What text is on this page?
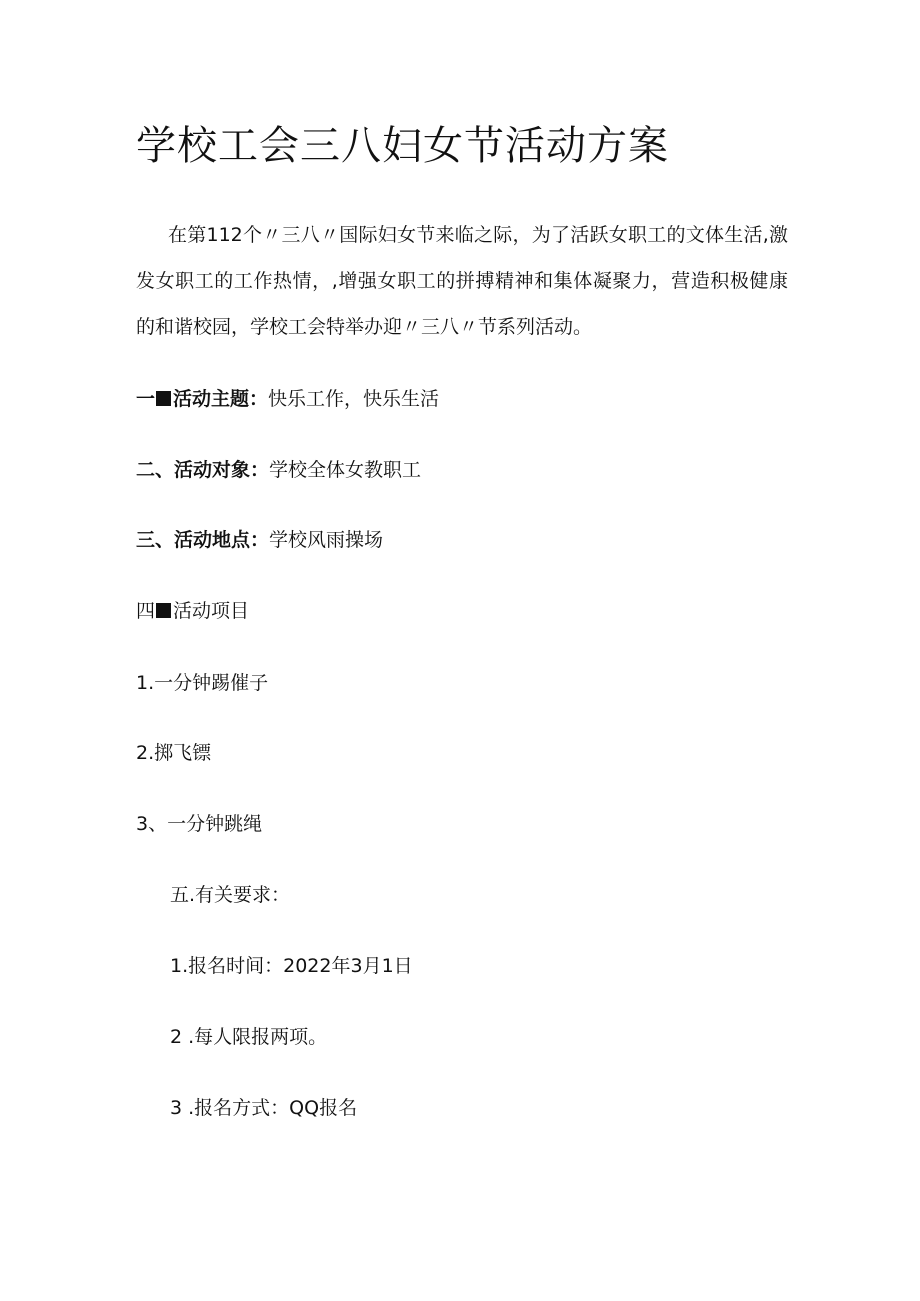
学校工会三八妇女节活动方案

在第112个〃三八〃国际妇女节来临之际，为了活跃女职工的文体生活,激发女职工的工作热情，,增强女职工的拼搏精神和集体凝聚力，营造积极健康的和谐校园，学校工会特举办迎〃三八〃节系列活动。

一 活动主题：快乐工作，快乐生活
二、活动对象：学校全体女教职工
三、活动地点：学校风雨操场
四 活动项目
1.一分钟踢催子
2.掷飞镖
3、一分钟跳绳
五.有关要求：
1.报名时间：2022年3月1日
2 .每人限报两项。
3 .报名方式：QQ报名
